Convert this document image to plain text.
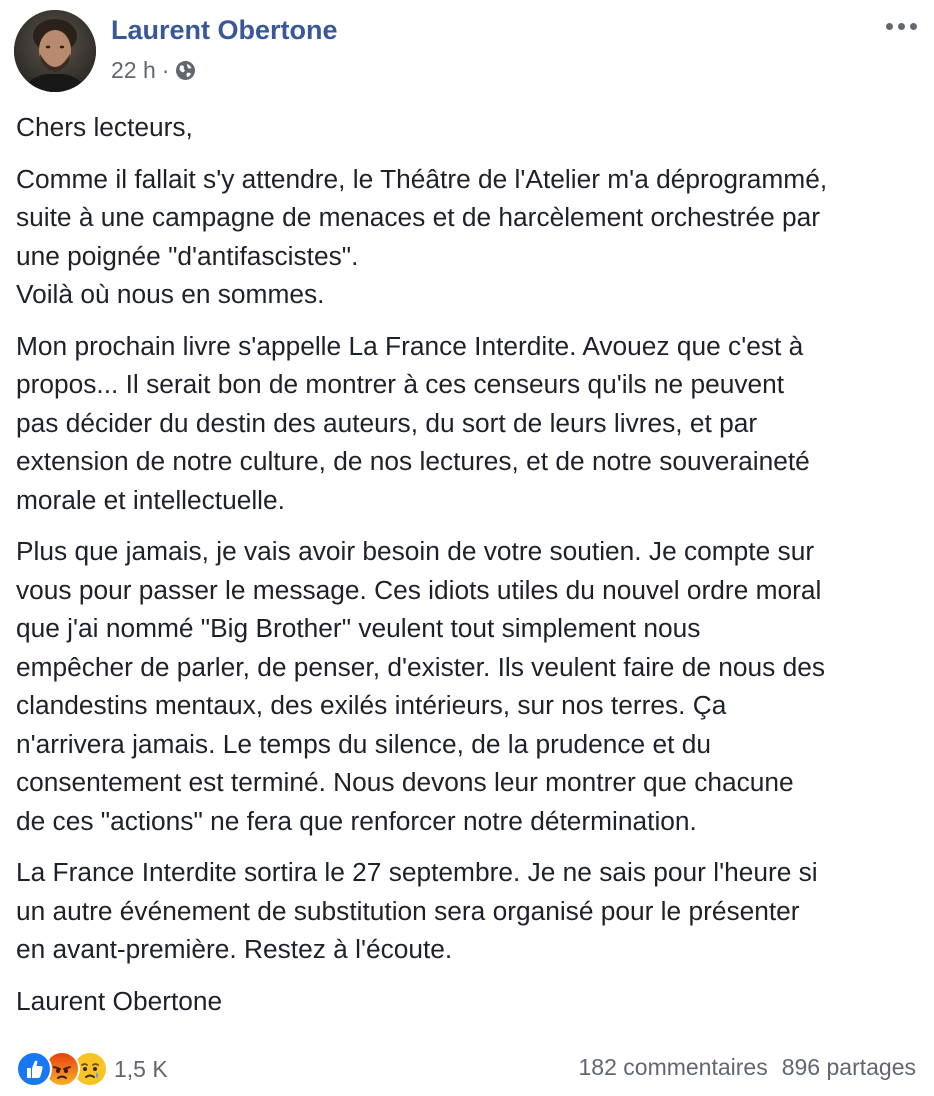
Laurent Obertone
22 h ·

Chers lecteurs,

Comme il fallait s'y attendre, le Théâtre de l'Atelier m'a déprogrammé,
suite à une campagne de menaces et de harcèlement orchestrée par
une poignée "d'antifascistes".
Voilà où nous en sommes.

Mon prochain livre s'appelle La France Interdite. Avouez que c'est à
propos... Il serait bon de montrer à ces censeurs qu'ils ne peuvent
pas décider du destin des auteurs, du sort de leurs livres, et par
extension de notre culture, de nos lectures, et de notre souveraineté
morale et intellectuelle.

Plus que jamais, je vais avoir besoin de votre soutien. Je compte sur
vous pour passer le message. Ces idiots utiles du nouvel ordre moral
que j'ai nommé "Big Brother" veulent tout simplement nous
empêcher de parler, de penser, d'exister. Ils veulent faire de nous des
clandestins mentaux, des exilés intérieurs, sur nos terres. Ça
n'arrivera jamais. Le temps du silence, de la prudence et du
consentement est terminé. Nous devons leur montrer que chacune
de ces "actions" ne fera que renforcer notre détermination.

La France Interdite sortira le 27 septembre. Je ne sais pour l'heure si
un autre événement de substitution sera organisé pour le présenter
en avant-première. Restez à l'écoute.

Laurent Obertone

1,5 K	182 commentaires 896 partages
